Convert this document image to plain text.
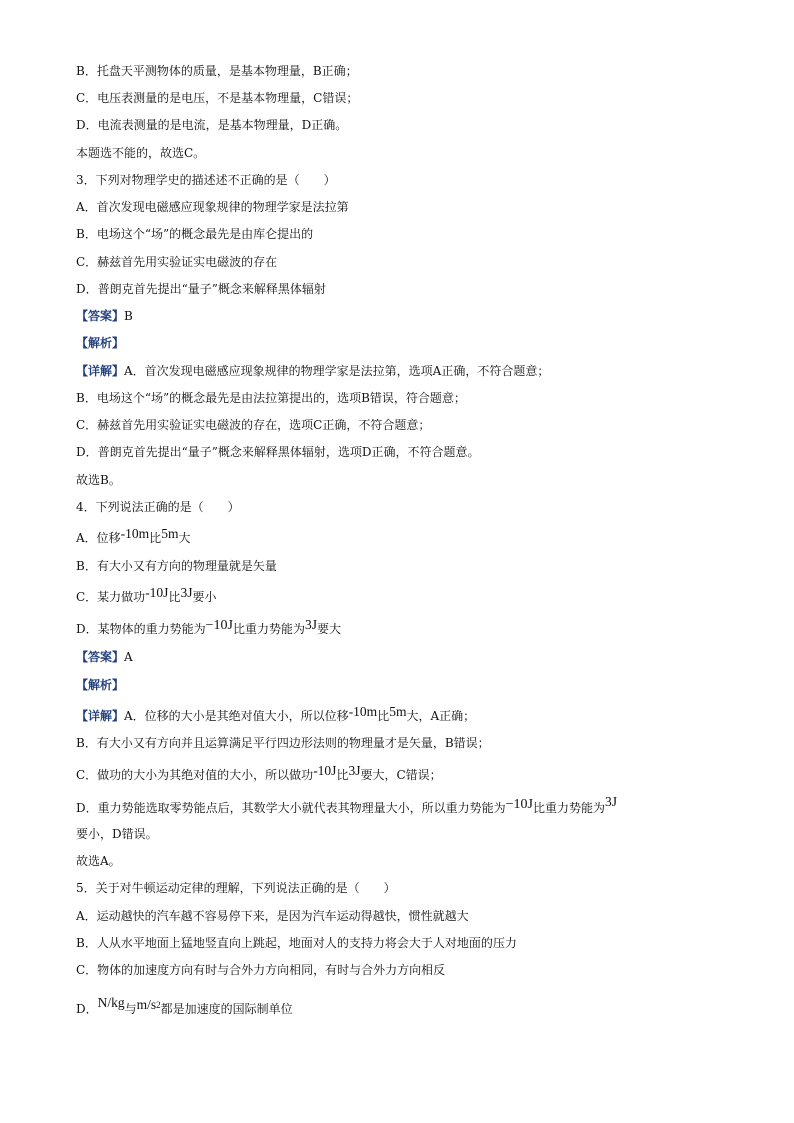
B．托盘天平测物体的质量，是基本物理量，B正确；
C．电压表测量的是电压，不是基本物理量，C错误；
D．电流表测量的是电流，是基本物理量，D正确。
本题选不能的，故选C。
3．下列对物理学史的描述述不正确的是（　　）
A．首次发现电磁感应现象规律的物理学家是法拉第
B．电场这个“场”的概念最先是由库仑提出的
C．赫兹首先用实验证实电磁波的存在
D．普朗克首先提出“量子”概念来解释黑体辐射
【答案】B
【解析】
【详解】A．首次发现电磁感应现象规律的物理学家是法拉第，选项A正确，不符合题意；
B．电场这个“场”的概念最先是由法拉第提出的，选项B错误，符合题意；
C．赫兹首先用实验证实电磁波的存在，选项C正确，不符合题意；
D．普朗克首先提出“量子”概念来解释黑体辐射，选项D正确，不符合题意。
故选B。
4．下列说法正确的是（　　）
A．位移-10m比5m大
B．有大小又有方向的物理量就是矢量
C．某力做功-10J比3J要小
D．某物体的重力势能为−10J比重力势能为3J要大
【答案】A
【解析】
【详解】A．位移的大小是其绝对值大小，所以位移-10m比5m大，A正确；
B．有大小又有方向并且运算满足平行四边形法则的物理量才是矢量，B错误；
C．做功的大小为其绝对值的大小，所以做功-10J比3J要大，C错误；
D．重力势能选取零势能点后，其数学大小就代表其物理量大小，所以重力势能为−10J比重力势能为3J
要小，D错误。
故选A。
5．关于对牛顿运动定律的理解，下列说法正确的是（　　）
A．运动越快的汽车越不容易停下来，是因为汽车运动得越快，惯性就越大
B．人从水平地面上猛地竖直向上跳起，地面对人的支持力将会大于人对地面的压力
C．物体的加速度方向有时与合外力方向相同，有时与合外力方向相反
D．N/kg与$m/s^2$都是加速度的国际制单位
